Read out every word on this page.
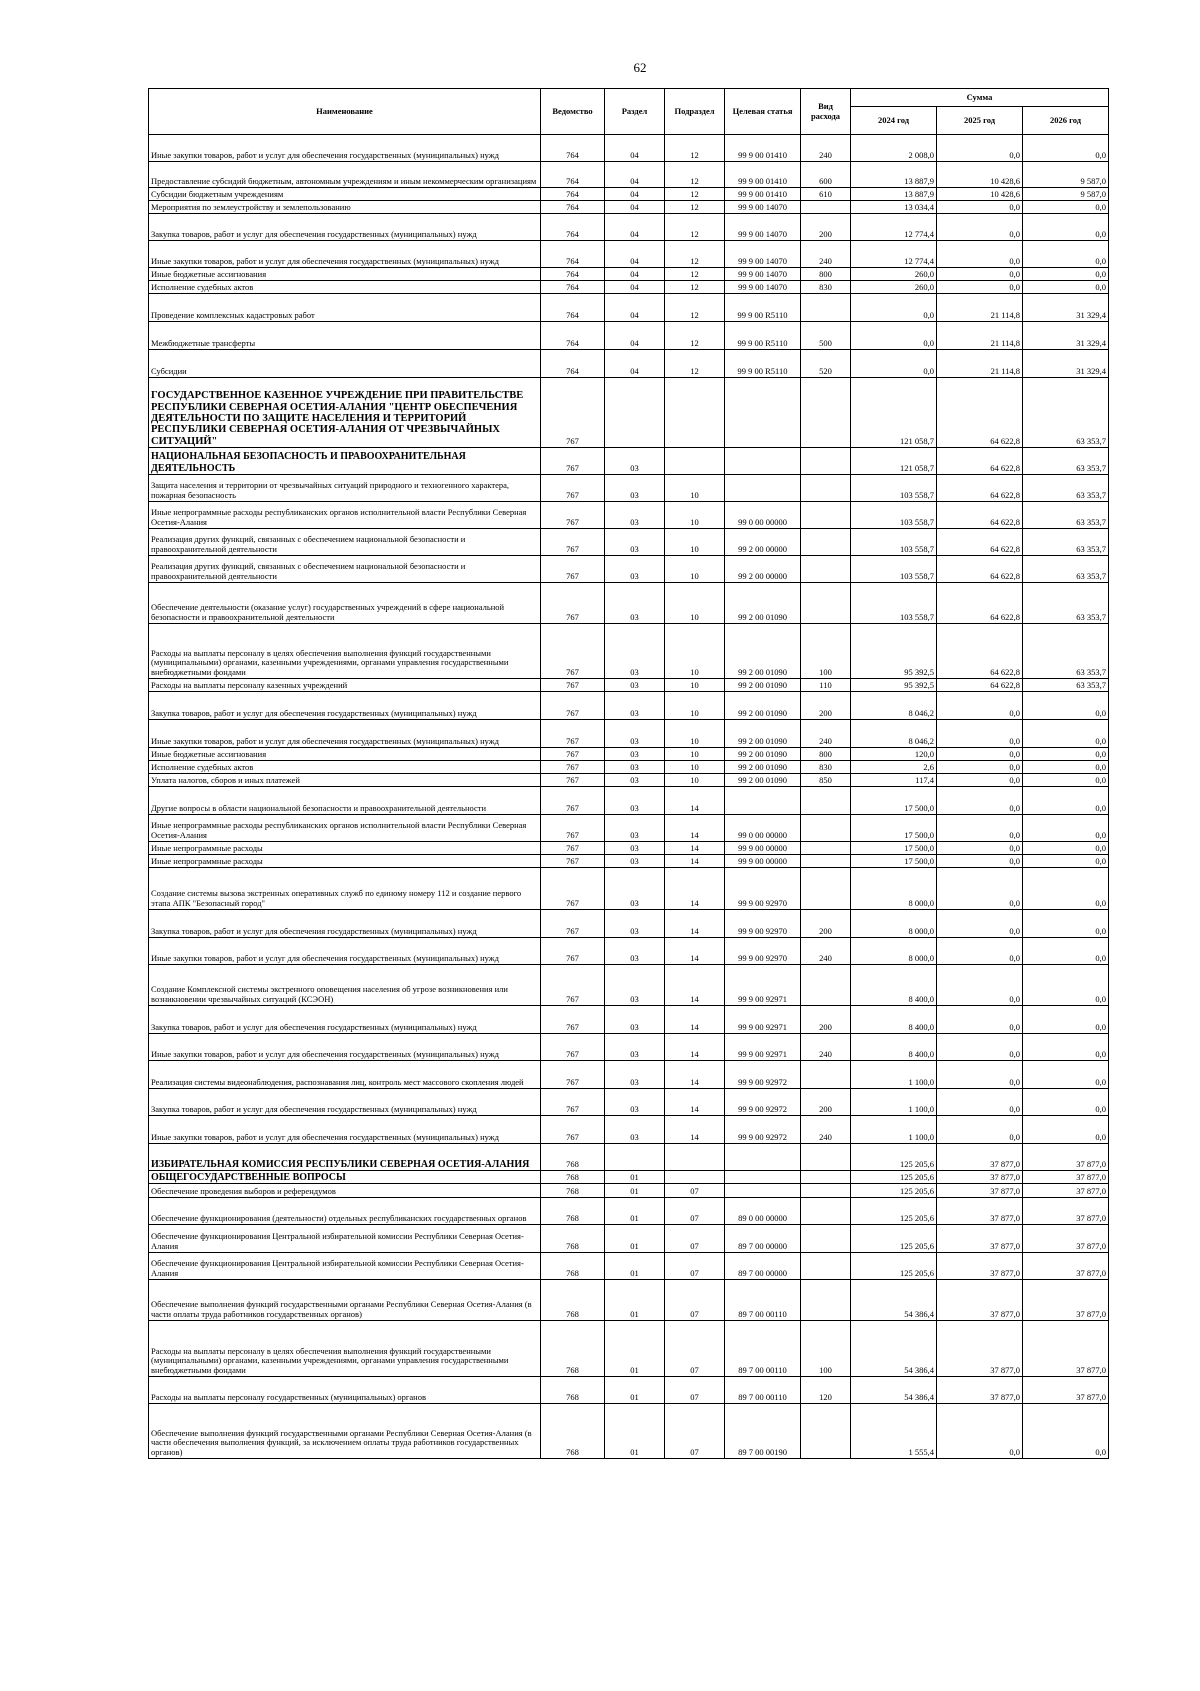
62
Наименование	Ведомство	Раздел	Подраздел	Целевая статья	Вид расхода	Сумма		
						2024 год	2025 год	2026 год
Иные закупки товаров, работ и услуг для обеспечения государственных (муниципальных) нужд	764	04	12	99 9 00 01410	240	2 008,0	0,0	0,0
Предоставление субсидий бюджетным, автономным учреждениям и иным некоммерческим организациям	764	04	12	99 9 00 01410	600	13 887,9	10 428,6	9 587,0
Субсидии бюджетным учреждениям	764	04	12	99 9 00 01410	610	13 887,9	10 428,6	9 587,0
Мероприятия по землеустройству и землепользованию	764	04	12	99 9 00 14070		13 034,4	0,0	0,0
Закупка товаров, работ и услуг для обеспечения государственных (муниципальных) нужд	764	04	12	99 9 00 14070	200	12 774,4	0,0	0,0
Иные закупки товаров, работ и услуг для обеспечения государственных (муниципальных) нужд	764	04	12	99 9 00 14070	240	12 774,4	0,0	0,0
Иные бюджетные ассигнования	764	04	12	99 9 00 14070	800	260,0	0,0	0,0
Исполнение судебных актов	764	04	12	99 9 00 14070	830	260,0	0,0	0,0
Проведение комплексных кадастровых работ	764	04	12	99 9 00 R5110		0,0	21 114,8	31 329,4
Межбюджетные трансферты	764	04	12	99 9 00 R5110	500	0,0	21 114,8	31 329,4
Субсидии	764	04	12	99 9 00 R5110	520	0,0	21 114,8	31 329,4
ГОСУДАРСТВЕННОЕ КАЗЕННОЕ УЧРЕЖДЕНИЕ ПРИ ПРАВИТЕЛЬСТВЕ РЕСПУБЛИКИ СЕВЕРНАЯ ОСЕТИЯ-АЛАНИЯ "ЦЕНТР ОБЕСПЕЧЕНИЯ ДЕЯТЕЛЬНОСТИ ПО ЗАЩИТЕ НАСЕЛЕНИЯ И ТЕРРИТОРИЙ РЕСПУБЛИКИ СЕВЕРНАЯ ОСЕТИЯ-АЛАНИЯ ОТ ЧРЕЗВЫЧАЙНЫХ СИТУАЦИЙ"	767					121 058,7	64 622,8	63 353,7
НАЦИОНАЛЬНАЯ БЕЗОПАСНОСТЬ И ПРАВООХРАНИТЕЛЬНАЯ ДЕЯТЕЛЬНОСТЬ	767	03				121 058,7	64 622,8	63 353,7
Защита населения и территории от чрезвычайных ситуаций природного и техногенного характера, пожарная безопасность	767	03	10			103 558,7	64 622,8	63 353,7
Иные непрограммные расходы республиканских органов исполнительной власти Республики Северная Осетия-Алания	767	03	10	99 0 00 00000		103 558,7	64 622,8	63 353,7
Реализация других функций, связанных с обеспечением национальной безопасности и правоохранительной деятельности	767	03	10	99 2 00 00000		103 558,7	64 622,8	63 353,7
Реализация других функций, связанных с обеспечением национальной безопасности и правоохранительной деятельности	767	03	10	99 2 00 00000		103 558,7	64 622,8	63 353,7
Обеспечение деятельности (оказание услуг) государственных учреждений в сфере национальной безопасности и правоохранительной деятельности	767	03	10	99 2 00 01090		103 558,7	64 622,8	63 353,7
Расходы на выплаты персоналу в целях обеспечения выполнения функций государственными (муниципальными) органами, казенными учреждениями, органами управления государственными внебюджетными фондами	767	03	10	99 2 00 01090	100	95 392,5	64 622,8	63 353,7
Расходы на выплаты персоналу казенных учреждений	767	03	10	99 2 00 01090	110	95 392,5	64 622,8	63 353,7
Закупка товаров, работ и услуг для обеспечения государственных (муниципальных) нужд	767	03	10	99 2 00 01090	200	8 046,2	0,0	0,0
Иные закупки товаров, работ и услуг для обеспечения государственных (муниципальных) нужд	767	03	10	99 2 00 01090	240	8 046,2	0,0	0,0
Иные бюджетные ассигнования	767	03	10	99 2 00 01090	800	120,0	0,0	0,0
Исполнение судебных актов	767	03	10	99 2 00 01090	830	2,6	0,0	0,0
Уплата налогов, сборов и иных платежей	767	03	10	99 2 00 01090	850	117,4	0,0	0,0
Другие вопросы в области национальной безопасности и правоохранительной деятельности	767	03	14			17 500,0	0,0	0,0
Иные непрограммные расходы республиканских органов исполнительной власти Республики Северная Осетия-Алания	767	03	14	99 0 00 00000		17 500,0	0,0	0,0
Иные непрограммные расходы	767	03	14	99 9 00 00000		17 500,0	0,0	0,0
Иные непрограммные расходы	767	03	14	99 9 00 00000		17 500,0	0,0	0,0
Создание системы вызова экстренных оперативных служб по единому номеру 112 и создание первого этапа АПК "Безопасный город"	767	03	14	99 9 00 92970		8 000,0	0,0	0,0
Закупка товаров, работ и услуг для обеспечения государственных (муниципальных) нужд	767	03	14	99 9 00 92970	200	8 000,0	0,0	0,0
Иные закупки товаров, работ и услуг для обеспечения государственных (муниципальных) нужд	767	03	14	99 9 00 92970	240	8 000,0	0,0	0,0
Создание Комплексной системы экстренного оповещения населения об угрозе возникновения или возникновении чрезвычайных ситуаций (КСЭОН)	767	03	14	99 9 00 92971		8 400,0	0,0	0,0
Закупка товаров, работ и услуг для обеспечения государственных (муниципальных) нужд	767	03	14	99 9 00 92971	200	8 400,0	0,0	0,0
Иные закупки товаров, работ и услуг для обеспечения государственных (муниципальных) нужд	767	03	14	99 9 00 92971	240	8 400,0	0,0	0,0
Реализация системы видеонаблюдения, распознавания лиц, контроль мест массового скопления людей	767	03	14	99 9 00 92972		1 100,0	0,0	0,0
Закупка товаров, работ и услуг для обеспечения государственных (муниципальных) нужд	767	03	14	99 9 00 92972	200	1 100,0	0,0	0,0
Иные закупки товаров, работ и услуг для обеспечения государственных (муниципальных) нужд	767	03	14	99 9 00 92972	240	1 100,0	0,0	0,0
ИЗБИРАТЕЛЬНАЯ КОМИССИЯ РЕСПУБЛИКИ СЕВЕРНАЯ ОСЕТИЯ-АЛАНИЯ	768					125 205,6	37 877,0	37 877,0
ОБЩЕГОСУДАРСТВЕННЫЕ ВОПРОСЫ	768	01				125 205,6	37 877,0	37 877,0
Обеспечение проведения выборов и референдумов	768	01	07			125 205,6	37 877,0	37 877,0
Обеспечение функционирования (деятельности) отдельных республиканских государственных органов	768	01	07	89 0 00 00000		125 205,6	37 877,0	37 877,0
Обеспечение функционирования Центральной избирательной комиссии Республики Северная Осетия-Алания	768	01	07	89 7 00 00000		125 205,6	37 877,0	37 877,0
Обеспечение функционирования Центральной избирательной комиссии Республики Северная Осетия-Алания	768	01	07	89 7 00 00000		125 205,6	37 877,0	37 877,0
Обеспечение выполнения функций государственными органами Республики Северная Осетия-Алания (в части оплаты труда работников государственных органов)	768	01	07	89 7 00 00110		54 386,4	37 877,0	37 877,0
Расходы на выплаты персоналу в целях обеспечения выполнения функций государственными (муниципальными) органами, казенными учреждениями, органами управления государственными внебюджетными фондами	768	01	07	89 7 00 00110	100	54 386,4	37 877,0	37 877,0
Расходы на выплаты персоналу государственных (муниципальных) органов	768	01	07	89 7 00 00110	120	54 386,4	37 877,0	37 877,0
Обеспечение выполнения функций государственными органами Республики Северная Осетия-Алания (в части обеспечения выполнения функций, за исключением оплаты труда работников государственных органов)	768	01	07	89 7 00 00190		1 555,4	0,0	0,0
